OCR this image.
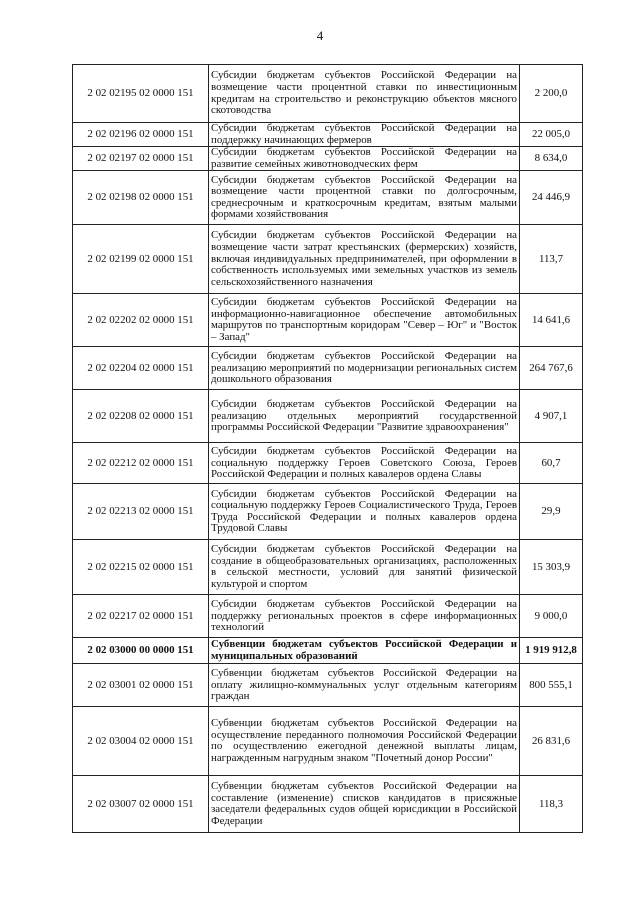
4
2 02 02195 02 0000 151	Субсидии бюджетам субъектов Российской Федерации на возмещение части процентной ставки по инвестиционным кредитам на строительство и реконструкцию объектов мясного скотоводства	2 200,0
2 02 02196 02 0000 151	Субсидии бюджетам субъектов Российской Федерации на поддержку начинающих фермеров	22 005,0
2 02 02197 02 0000 151	Субсидии бюджетам субъектов Российской Федерации на развитие семейных животноводческих ферм	8 634,0
2 02 02198 02 0000 151	Субсидии бюджетам субъектов Российской Федерации на возмещение части процентной ставки по долгосрочным, среднесрочным и краткосрочным кредитам, взятым малыми формами хозяйствования	24 446,9
2 02 02199 02 0000 151	Субсидии бюджетам субъектов Российской Федерации на возмещение части затрат крестьянских (фермерских) хозяйств, включая индивидуальных предпринимателей, при оформлении в собственность используемых ими земельных участков из земель сельскохозяйственного назначения	113,7
2 02 02202 02 0000 151	Субсидии бюджетам субъектов Российской Федерации на информационно-навигационное обеспечение автомобильных маршрутов по транспортным коридорам "Север – Юг" и "Восток – Запад"	14 641,6
2 02 02204 02 0000 151	Субсидии бюджетам субъектов Российской Федерации на реализацию мероприятий по модернизации региональных систем дошкольного образования	264 767,6
2 02 02208 02 0000 151	Субсидии бюджетам субъектов Российской Федерации на реализацию отдельных мероприятий государственной программы Российской Федерации "Развитие здравоохранения"	4 907,1
2 02 02212 02 0000 151	Субсидии бюджетам субъектов Российской Федерации на социальную поддержку Героев Советского Союза, Героев Российской Федерации и полных кавалеров ордена Славы	60,7
2 02 02213 02 0000 151	Субсидии бюджетам субъектов Российской Федерации на социальную поддержку Героев Социалистического Труда, Героев Труда Российской Федерации и полных кавалеров ордена Трудовой Славы	29,9
2 02 02215 02 0000 151	Субсидии бюджетам субъектов Российской Федерации на создание в общеобразовательных организациях, расположенных в сельской местности, условий для занятий физической культурой и спортом	15 303,9
2 02 02217 02 0000 151	Субсидии бюджетам субъектов Российской Федерации на поддержку региональных проектов в сфере информационных технологий	9 000,0
2 02 03000 00 0000 151	Субвенции бюджетам субъектов Российской Федерации и муниципальных образований	1 919 912,8
2 02 03001 02 0000 151	Субвенции бюджетам субъектов Российской Федерации на оплату жилищно-коммунальных услуг отдельным категориям граждан	800 555,1
2 02 03004 02 0000 151	Субвенции бюджетам субъектов Российской Федерации на осуществление переданного полномочия Российской Федерации по осуществлению ежегодной денежной выплаты лицам, награжденным нагрудным знаком "Почетный донор России"	26 831,6
2 02 03007 02 0000 151	Субвенции бюджетам субъектов Российской Федерации на составление (изменение) списков кандидатов в присяжные заседатели федеральных судов общей юрисдикции в Российской Федерации	118,3
